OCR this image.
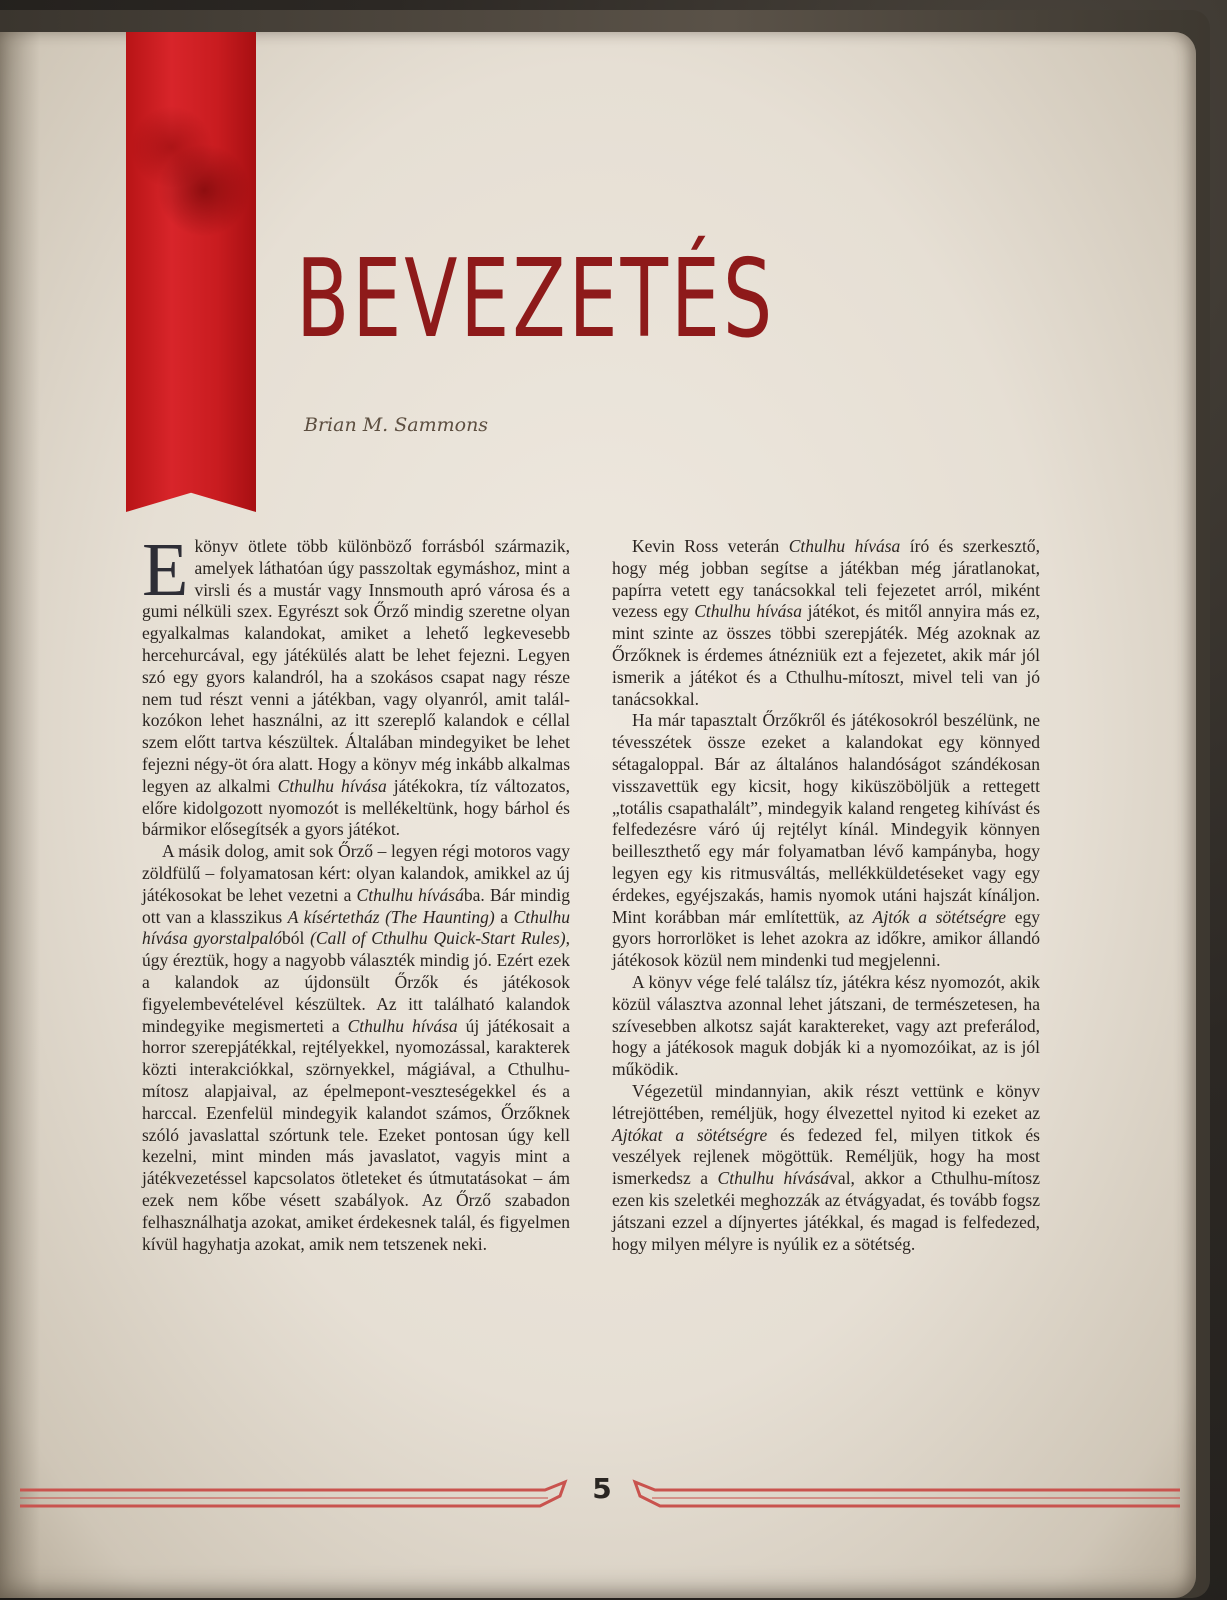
BEVEZETÉS
Brian M. Sammons

E könyv ötlete több különböző forrásból származik, amelyek láthatóan úgy passzoltak egymáshoz, mint a virsli és a mustár vagy Innsmouth apró városa és a gumi nélküli szex. Egyrészt sok Őrző mindig szeretne olyan egyalkalmas kalandokat, amiket a lehető legkevesebb hercehurcával, egy játékülés alatt be lehet fejezni. Legyen szó egy gyors kalandról, ha a szokásos csapat nagy része nem tud részt venni a játékban, vagy olyanról, amit találkozókon lehet használni, az itt szereplő kalandok e céllal szem előtt tartva készültek. Általában mindegyiket be lehet fejezni négy-öt óra alatt. Hogy a könyv még inkább alkalmas legyen az alkalmi Cthulhu hívása játékokra, tíz változatos, előre kidolgozott nyomozót is mellékeltünk, hogy bárhol és bármikor elősegítsék a gyors játékot.

A másik dolog, amit sok Őrző – legyen régi motoros vagy zöldfülű – folyamatosan kért: olyan kalandok, amikkel az új játékosokat be lehet vezetni a Cthulhu hívásába. Bár mindig ott van a klasszikus A kísértetház (The Haunting) a Cthulhu hívása gyorstalpalóból (Call of Cthulhu Quick-Start Rules), úgy éreztük, hogy a nagyobb választék mindig jó. Ezért ezek a kalandok az újdonsült Őrzők és játékosok figyelembevételével készültek. Az itt található kalandok mindegyike megismerteti a Cthulhu hívása új játékosait a horror szerepjátékkal, rejtélyekkel, nyomozással, karakterek közti interakciókkal, szörnyekkel, mágiával, a Cthulhumítosz alapjaival, az épelmepont-veszteségekkel és a harccal. Ezenfelül mindegyik kalandot számos, Őrzőknek szóló javaslattal szórtunk tele. Ezeket pontosan úgy kell kezelni, mint minden más javaslatot, vagyis mint a játékvezetéssel kapcsolatos ötleteket és útmutatásokat – ám ezek nem kőbe vésett szabályok. Az Őrző szabadon felhasználhatja azokat, amiket érdekesnek talál, és figyelmen kívül hagyhatja azokat, amik nem tetszenek neki.

Kevin Ross veterán Cthulhu hívása író és szerkesztő, hogy még jobban segítse a játékban még járatlanokat, papírra vetett egy tanácsokkal teli fejezetet arról, miként vezess egy Cthulhu hívása játékot, és mitől annyira más ez, mint szinte az összes többi szerepjáték. Még azoknak az Őrzőknek is érdemes átnézniük ezt a fejezetet, akik már jól ismerik a játékot és a Cthulhu-mítoszt, mivel teli van jó tanácsokkal.

Ha már tapasztalt Őrzőkről és játékosokról beszélünk, ne tévesszétek össze ezeket a kalandokat egy könnyed sétagaloppal. Bár az általános halandóságot szándékosan visszavettük egy kicsit, hogy kiküszöböljük a rettegett „totális csapathalált”, mindegyik kaland rengeteg kihívást és felfedezésre váró új rejtélyt kínál. Mindegyik könnyen beilleszthető egy már folyamatban lévő kampányba, hogy legyen egy kis ritmusváltás, mellékküldetéseket vagy egy érdekes, egyéjszakás, hamis nyomok utáni hajszát kínáljon. Mint korábban már említettük, az Ajtók a sötétségre egy gyors horrorlöket is lehet azokra az időkre, amikor állandó játékosok közül nem mindenki tud megjelenni.

A könyv vége felé találsz tíz, játékra kész nyomozót, akik közül választva azonnal lehet játszani, de természetesen, ha szívesebben alkotsz saját karaktereket, vagy azt preferálod, hogy a játékosok maguk dobják ki a nyomozóikat, az is jól működik.

Végezetül mindannyian, akik részt vettünk e könyv létrejöttében, reméljük, hogy élvezettel nyitod ki ezeket az Ajtókat a sötétségre és fedezed fel, milyen titkok és veszélyek rejlenek mögöttük. Reméljük, hogy ha most ismerkedsz a Cthulhu hívásával, akkor a Cthulhu-mítosz ezen kis szeletkéi meghozzák az étvágyadat, és tovább fogsz játszani ezzel a díjnyertes játékkal, és magad is felfedezed, hogy milyen mélyre is nyúlik ez a sötétség.

5
